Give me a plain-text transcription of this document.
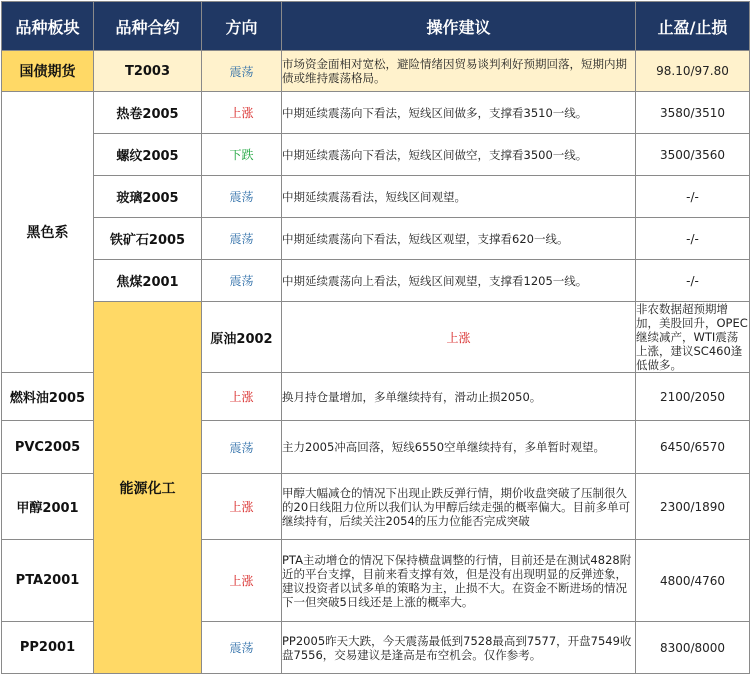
品种板块	品种合约	方向	操作建议	止盈/止损	
国债期货	T2003	震荡	市场资金面相对宽松，避险情绪因贸易谈判利好预期回落，短期内期债或维持震荡格局。	98.10/97.80	
黑色系	热卷2005	上涨	中期延续震荡向下看法，短线区间做多，支撑看3510一线。	3580/3510	
	螺纹2005	下跌	中期延续震荡向下看法，短线区间做空，支撑看3500一线。	3500/3560	
	玻璃2005	震荡	中期延续震荡看法，短线区间观望。	-/-	
	铁矿石2005	震荡	中期延续震荡向下看法，短线区观望，支撑看620一线。	-/-	
	焦煤2001	震荡	中期延续震荡向上看法，短线区间观望，支撑看1205一线。	-/-	
	能源化工	原油2002	上涨	非农数据超预期增加，美股回升，OPEC继续减产，WTI震荡上涨，建议SC460逢低做多。	
燃料油2005		上涨	换月持仓量增加，多单继续持有，滑动止损2050。	2100/2050	
PVC2005		震荡	主力2005冲高回落，短线6550空单继续持有，多单暂时观望。	6450/6570	
甲醇2001		上涨	甲醇大幅减仓的情况下出现止跌反弹行情，期价收盘突破了压制很久的20日线阻力位所以我们认为甲醇后续走强的概率偏大。目前多单可继续持有，后续关注2054的压力位能否完成突破	2300/1890	
PTA2001		上涨	PTA主动增仓的情况下保持横盘调整的行情，目前还是在测试4828附近的平台支撑，目前来看支撑有效，但是没有出现明显的反弹迹象，建议投资者以试多单的策略为主，止损不大。在资金不断进场的情况下一但突破5日线还是上涨的概率大。	4800/4760	
PP2001		震荡	PP2005昨天大跌，今天震荡最低到7528最高到7577，开盘7549收盘7556，交易建议是逢高是布空机会。仅作参考。	8300/8000	
